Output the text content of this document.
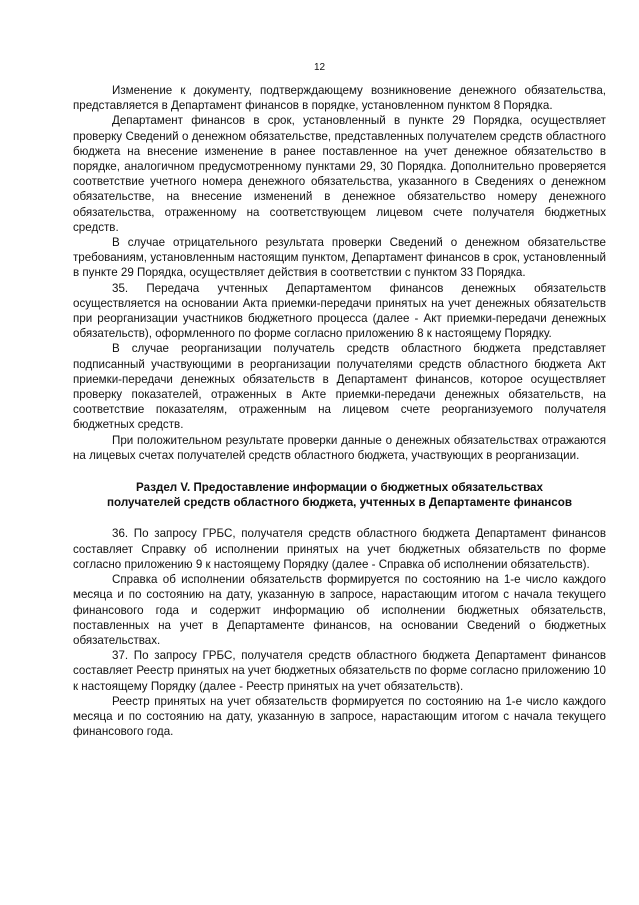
12

Изменение к документу, подтверждающему возникновение денежного обязательства, представляется в Департамент финансов в порядке, установленном пунктом 8 Порядка.

Департамент финансов в срок, установленный в пункте 29 Порядка, осуществляет проверку Сведений о денежном обязательстве, представленных получателем средств областного бюджета на внесение изменение в ранее поставленное на учет денежное обязательство в порядке, аналогичном предусмотренному пунктами 29, 30 Порядка. Дополнительно проверяется соответствие учетного номера денежного обязательства, указанного в Сведениях о денежном обязательстве, на внесение изменений в денежное обязательство номеру денежного обязательства, отраженному на соответствующем лицевом счете получателя бюджетных средств.

В случае отрицательного результата проверки Сведений о денежном обязательстве требованиям, установленным настоящим пунктом, Департамент финансов в срок, установленный в пункте 29 Порядка, осуществляет действия в соответствии с пунктом 33 Порядка.

35. Передача учтенных Департаментом финансов денежных обязательств осуществляется на основании Акта приемки-передачи принятых на учет денежных обязательств при реорганизации участников бюджетного процесса (далее - Акт приемки-передачи денежных обязательств), оформленного по форме согласно приложению 8 к настоящему Порядку.

В случае реорганизации получатель средств областного бюджета представляет подписанный участвующими в реорганизации получателями средств областного бюджета Акт приемки-передачи денежных обязательств в Департамент финансов, которое осуществляет проверку показателей, отраженных в Акте приемки-передачи денежных обязательств, на соответствие показателям, отраженным на лицевом счете реорганизуемого получателя бюджетных средств.

При положительном результате проверки данные о денежных обязательствах отражаются на лицевых счетах получателей средств областного бюджета, участвующих в реорганизации.

Раздел V. Предоставление информации о бюджетных обязательствах
получателей средств областного бюджета, учтенных в Департаменте финансов

36. По запросу ГРБС, получателя средств областного бюджета Департамент финансов составляет Справку об исполнении принятых на учет бюджетных обязательств по форме согласно приложению 9 к настоящему Порядку (далее - Справка об исполнении обязательств).

Справка об исполнении обязательств формируется по состоянию на 1-е число каждого месяца и по состоянию на дату, указанную в запросе, нарастающим итогом с начала текущего финансового года и содержит информацию об исполнении бюджетных обязательств, поставленных на учет в Департаменте финансов, на основании Сведений о бюджетных обязательствах.

37. По запросу ГРБС, получателя средств областного бюджета Департамент финансов составляет Реестр принятых на учет бюджетных обязательств по форме согласно приложению 10 к настоящему Порядку (далее - Реестр принятых на учет обязательств).

Реестр принятых на учет обязательств формируется по состоянию на 1-е число каждого месяца и по состоянию на дату, указанную в запросе, нарастающим итогом с начала текущего финансового года.
